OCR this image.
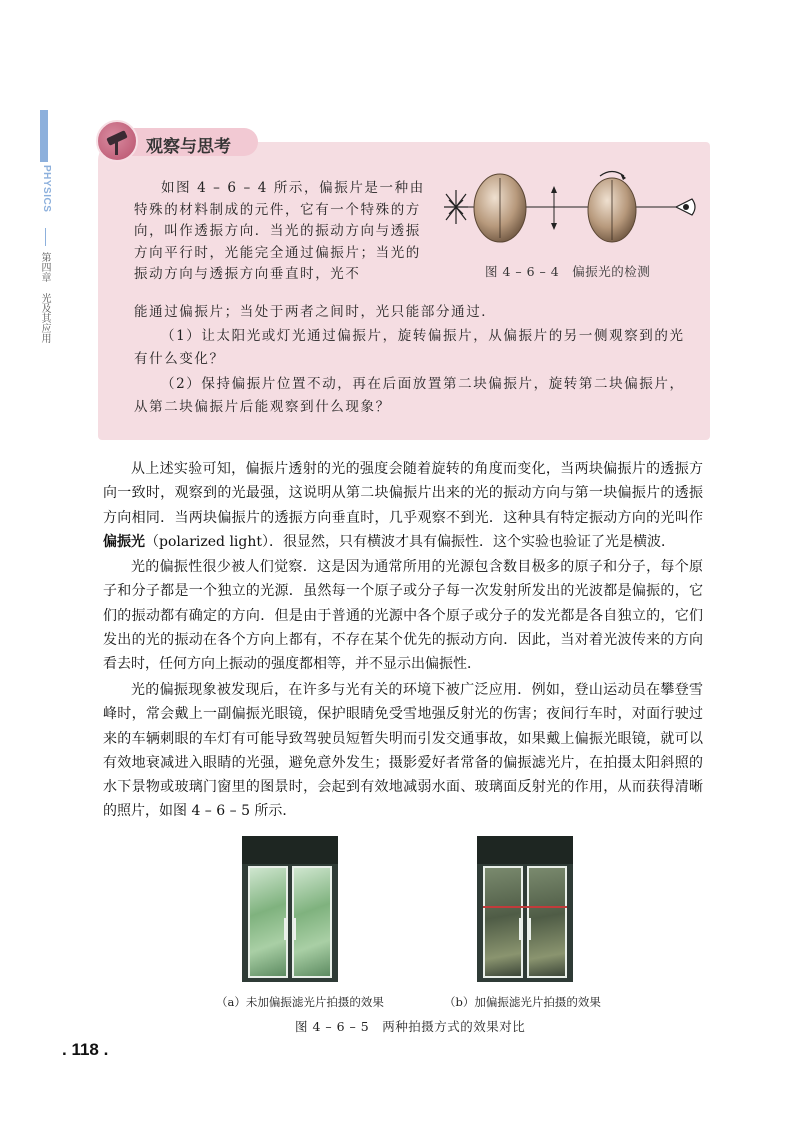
PHYSICS
第四章
光及其应用
观察与思考
如图 4 – 6 – 4 所示，偏振片是一种由特殊的材料制成的元件，它有一个特殊的方向，叫作透振方向．当光的振动方向与透振方向平行时，光能完全通过偏振片；当光的振动方向与透振方向垂直时，光不
能通过偏振片；当处于两者之间时，光只能部分通过．
（1）让太阳光或灯光通过偏振片，旋转偏振片，从偏振片的另一侧观察到的光有什么变化？
（2）保持偏振片位置不动，再在后面放置第二块偏振片，旋转第二块偏振片，从第二块偏振片后能观察到什么现象？
图 4 – 6 – 4　偏振光的检测
从上述实验可知，偏振片透射的光的强度会随着旋转的角度而变化，当两块偏振片的透振方向一致时，观察到的光最强，这说明从第二块偏振片出来的光的振动方向与第一块偏振片的透振方向相同．当两块偏振片的透振方向垂直时，几乎观察不到光．这种具有特定振动方向的光叫作偏振光（polarized light）．很显然，只有横波才具有偏振性．这个实验也验证了光是横波．
光的偏振性很少被人们觉察．这是因为通常所用的光源包含数目极多的原子和分子，每个原子和分子都是一个独立的光源．虽然每一个原子或分子每一次发射所发出的光波都是偏振的，它们的振动都有确定的方向．但是由于普通的光源中各个原子或分子的发光都是各自独立的，它们发出的光的振动在各个方向上都有，不存在某个优先的振动方向．因此，当对着光波传来的方向看去时，任何方向上振动的强度都相等，并不显示出偏振性．
光的偏振现象被发现后，在许多与光有关的环境下被广泛应用．例如，登山运动员在攀登雪峰时，常会戴上一副偏振光眼镜，保护眼睛免受雪地强反射光的伤害；夜间行车时，对面行驶过来的车辆刺眼的车灯有可能导致驾驶员短暂失明而引发交通事故，如果戴上偏振光眼镜，就可以有效地衰减进入眼睛的光强，避免意外发生；摄影爱好者常备的偏振滤光片，在拍摄太阳斜照的水下景物或玻璃门窗里的图景时，会起到有效地减弱水面、玻璃面反射光的作用，从而获得清晰的照片，如图 4 – 6 – 5 所示．
（a）未加偏振滤光片拍摄的效果	（b）加偏振滤光片拍摄的效果
图 4 – 6 – 5　两种拍摄方式的效果对比
. 118 .
